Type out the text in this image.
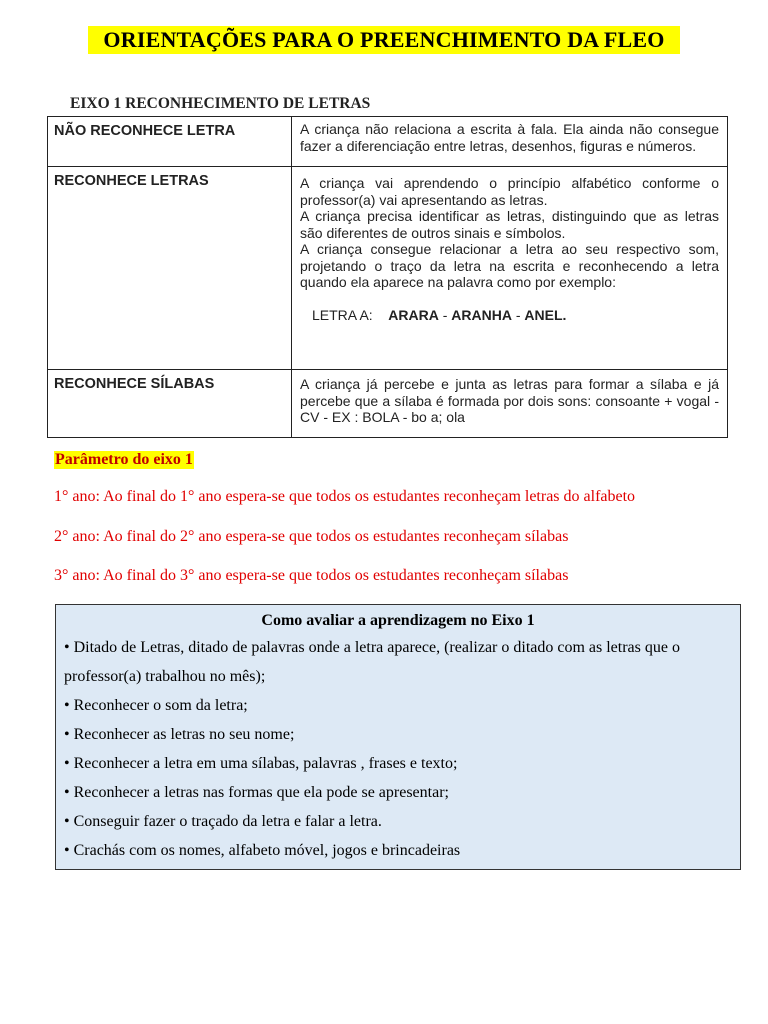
ORIENTAÇÕES PARA O PREENCHIMENTO DA FLEO
EIXO 1 RECONHECIMENTO DE LETRAS
NÃO RECONHECE LETRA	A criança não relaciona a escrita à fala. Ela ainda não consegue fazer a diferenciação entre letras, desenhos, figuras e números.

RECONHECE LETRAS	A criança vai aprendendo o princípio alfabético conforme o professor(a) vai apresentando as letras.

A criança precisa identificar as letras, distinguindo que as letras são diferentes de outros sinais e símbolos.

A criança consegue relacionar a letra ao seu respectivo som, projetando o traço da letra na escrita e reconhecendo a letra quando ela aparece na palavra como por exemplo:

LETRA A: ARARA - ARANHA - ANEL.
RECONHECE SÍLABAS	A criança já percebe e junta as letras para formar a sílaba e já percebe que a sílaba é formada por dois sons: consoante + vogal - CV - EX : BOLA - bo a; ola

Parâmetro do eixo 1
1° ano: Ao final do 1° ano espera-se que todos os estudantes reconheçam letras do alfabeto
2° ano: Ao final do 2° ano espera-se que todos os estudantes reconheçam sílabas
3° ano: Ao final do 3° ano espera-se que todos os estudantes reconheçam sílabas
Como avaliar a aprendizagem no Eixo 1
• Ditado de Letras, ditado de palavras onde a letra aparece, (realizar o ditado com as letras que o professor(a) trabalhou no mês);
• Reconhecer o som da letra;
• Reconhecer as letras no seu nome;
• Reconhecer a letra em uma sílabas, palavras , frases e texto;
• Reconhecer a letras nas formas que ela pode se apresentar;
• Conseguir fazer o traçado da letra e falar a letra.
• Crachás com os nomes, alfabeto móvel, jogos e brincadeiras
